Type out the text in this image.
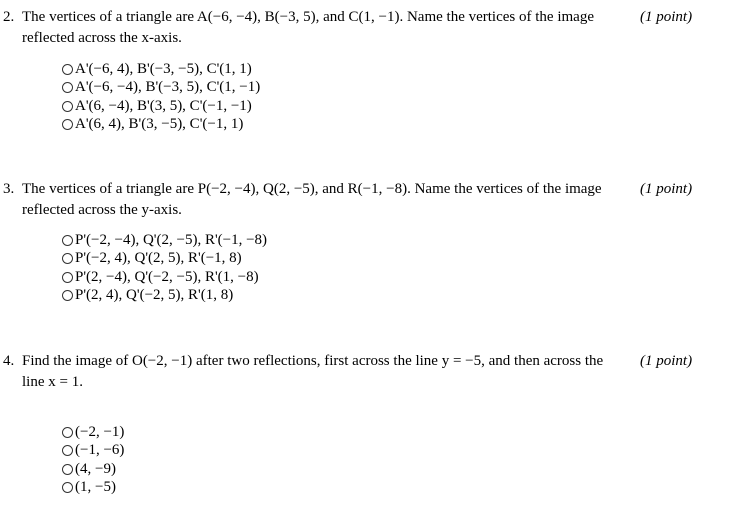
2. The vertices of a triangle are A(−6, −4), B(−3, 5), and C(1, −1). Name the vertices of the image reflected across the x-axis.
(1 point)
A'(−6, 4), B'(−3, −5), C'(1, 1)
A'(−6, −4), B'(−3, 5), C'(1, −1)
A'(6, −4), B'(3, 5), C'(−1, −1)
A'(6, 4), B'(3, −5), C'(−1, 1)
3. The vertices of a triangle are P(−2, −4), Q(2, −5), and R(−1, −8). Name the vertices of the image reflected across the y-axis.
(1 point)
P'(−2, −4), Q'(2, −5), R'(−1, −8)
P'(−2, 4), Q'(2, 5), R'(−1, 8)
P'(2, −4), Q'(−2, −5), R'(1, −8)
P'(2, 4), Q'(−2, 5), R'(1, 8)
4. Find the image of O(−2, −1) after two reflections, first across the line y = −5, and then across the
line x = 1.
(1 point)
(−2, −1)
(−1, −6)
(4, −9)
(1, −5)
